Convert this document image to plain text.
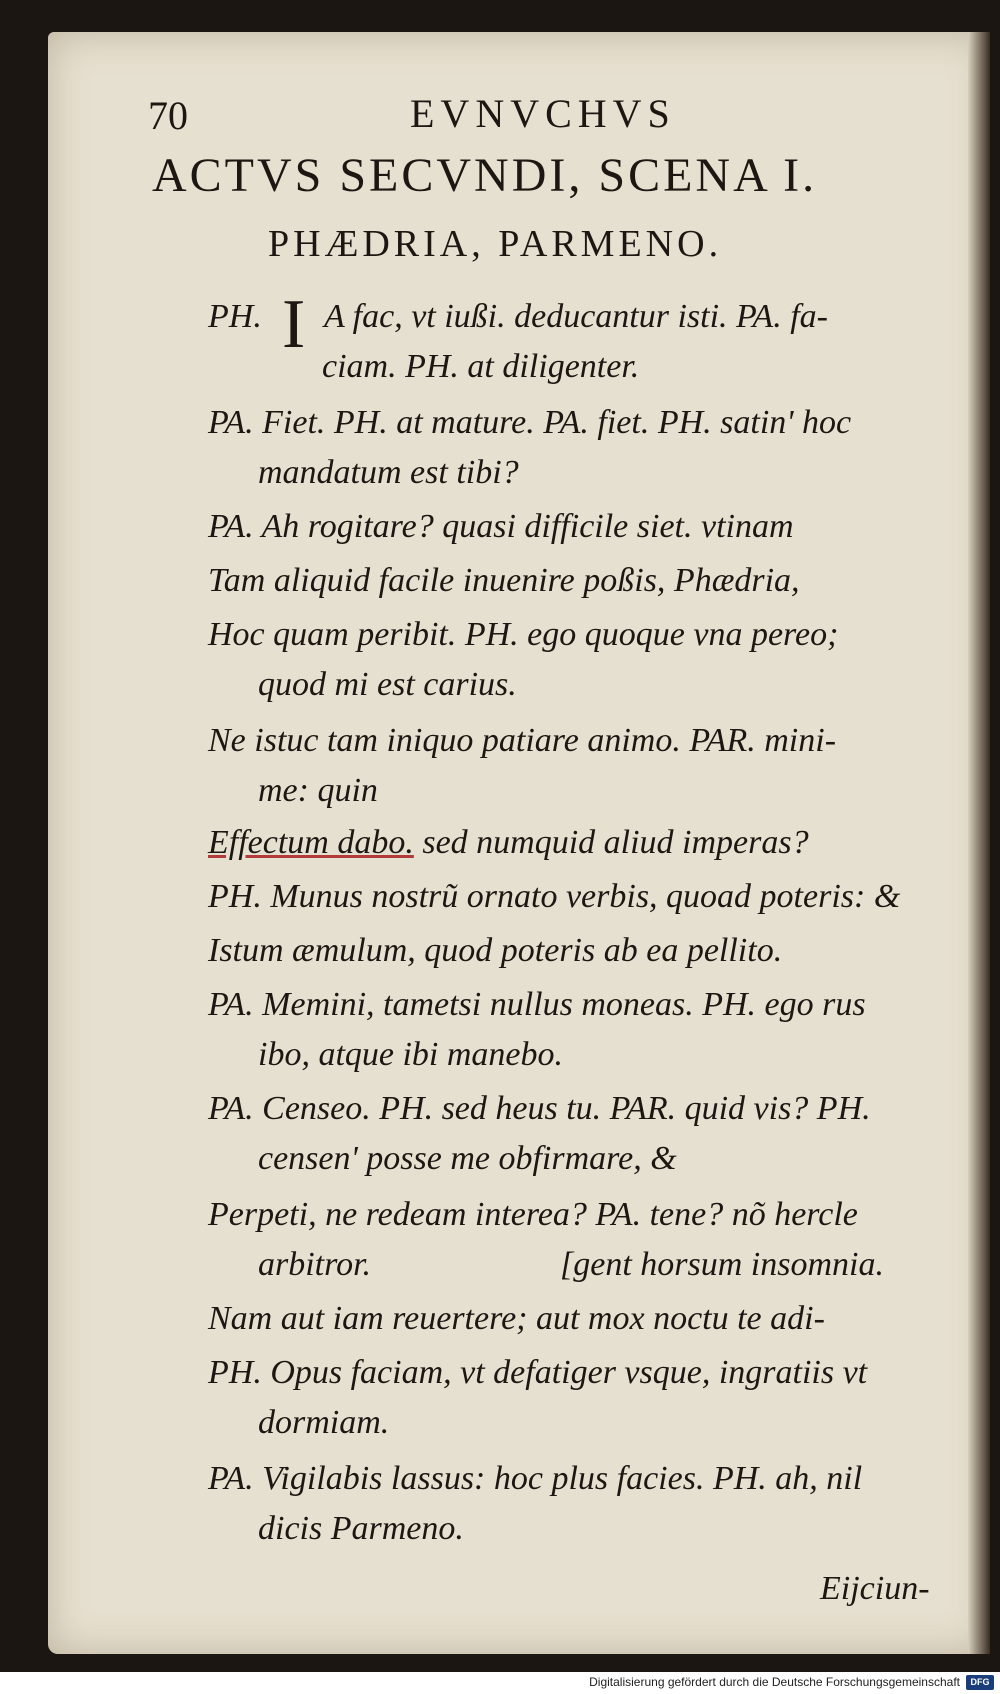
70	EVNVCHVS
ACTVS SECVNDI, SCENA I.
PHÆDRIA, PARMENO.
I
PH. A fac, vt iußi. deducantur isti. PA. fa-
ciam. PH. at diligenter.
PA. Fiet. PH. at mature. PA. fiet. PH. satin' hoc
mandatum est tibi?
PA. Ah rogitare? quasi difficile siet. vtinam
Tam aliquid facile inuenire poßis, Phædria,
Hoc quam peribit. PH. ego quoque vna pereo;
quod mi est carius.
Ne istuc tam iniquo patiare animo. PAR. mini-
me: quin
Effectum dabo. sed numquid aliud imperas?
PH. Munus nostrũ ornato verbis, quoad poteris: &
Istum æmulum, quod poteris ab ea pellito.
PA. Memini, tametsi nullus moneas. PH. ego rus
ibo, atque ibi manebo.
PA. Censeo. PH. sed heus tu. PAR. quid vis? PH.
censen' posse me obfirmare, &
Perpeti, ne redeam interea? PA. tene? nõ hercle
arbitror.	[gent horsum insomnia.
Nam aut iam reuertere; aut mox noctu te adi-
PH. Opus faciam, vt defatiger vsque, ingratiis vt
dormiam.
PA. Vigilabis lassus: hoc plus facies. PH. ah, nil
dicis Parmeno.
Eijciun-
Digitalisierung gefördert durch die Deutsche Forschungsgemeinschaft	DFG
